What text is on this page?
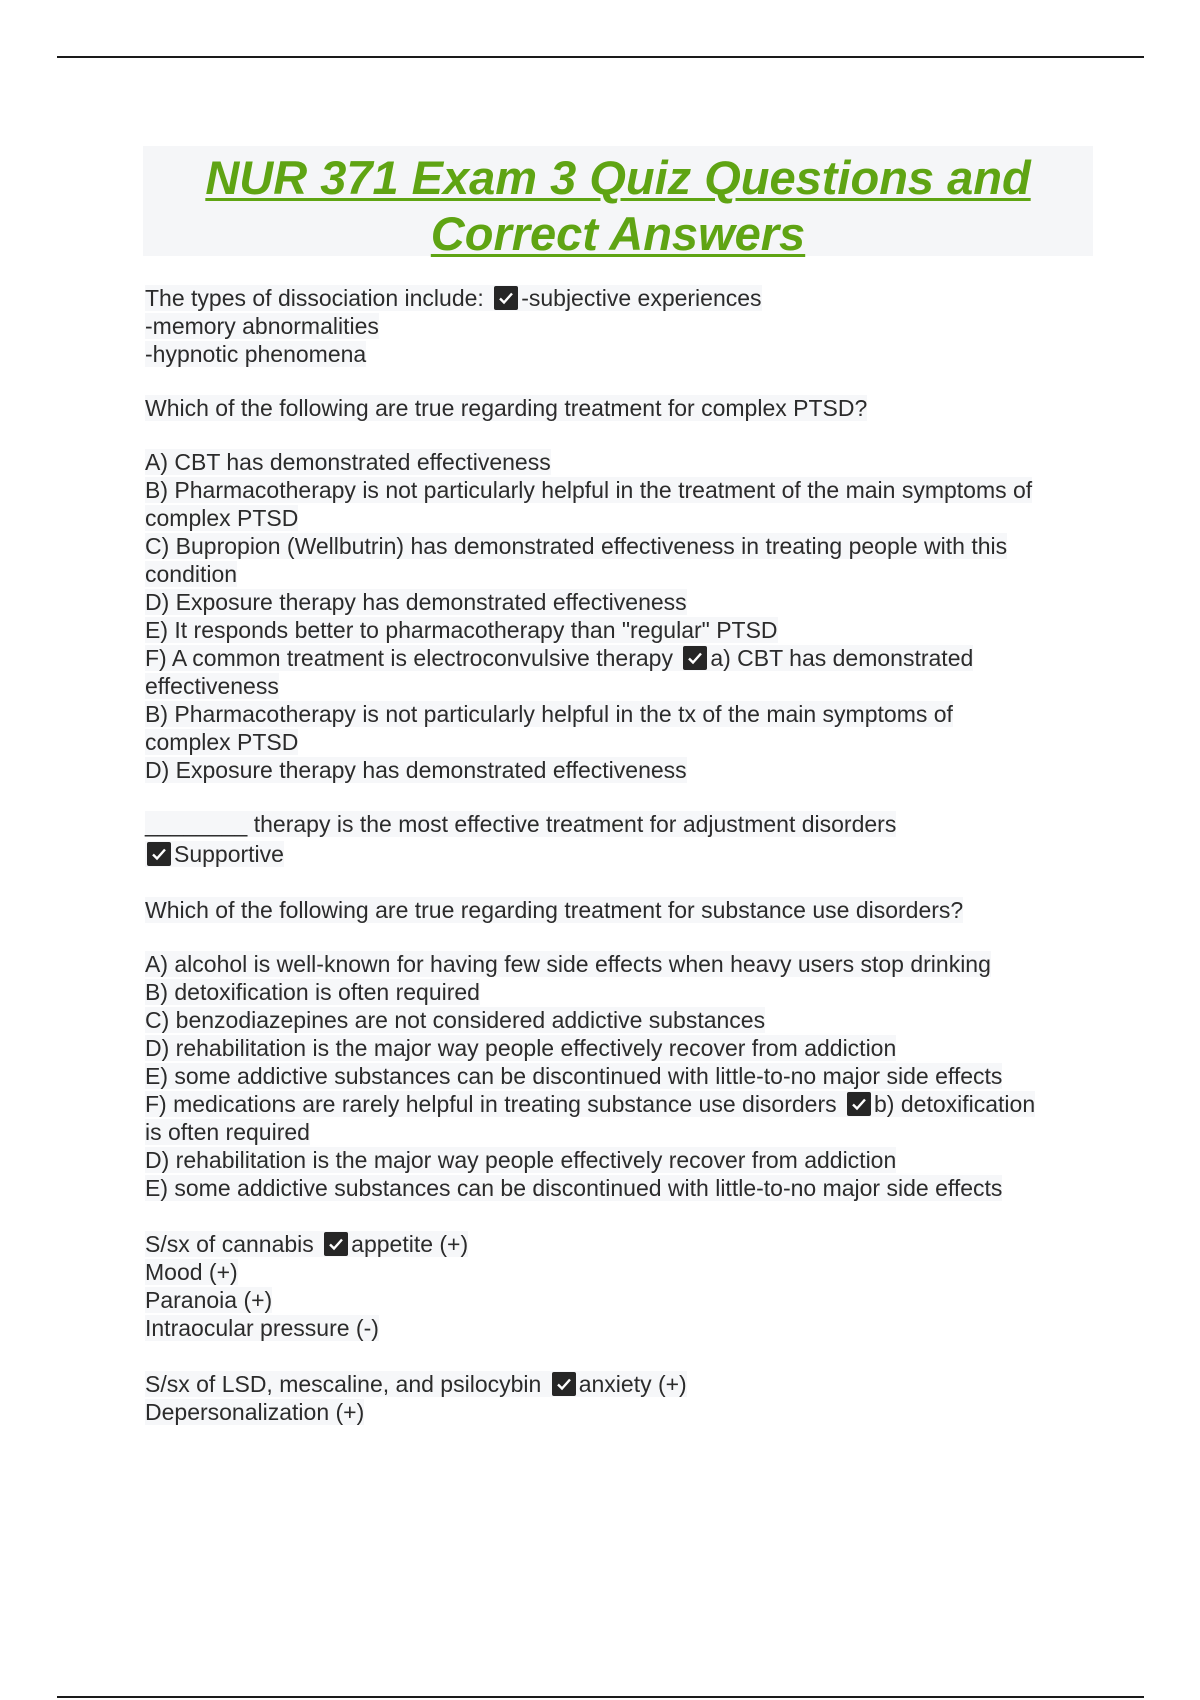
NUR 371 Exam 3 Quiz Questions and
Correct Answers
The types of dissociation include: -subjective experiences
-memory abnormalities
-hypnotic phenomena
Which of the following are true regarding treatment for complex PTSD?
A) CBT has demonstrated effectiveness
B) Pharmacotherapy is not particularly helpful in the treatment of the main symptoms of
complex PTSD
C) Bupropion (Wellbutrin) has demonstrated effectiveness in treating people with this
condition
D) Exposure therapy has demonstrated effectiveness
E) It responds better to pharmacotherapy than "regular" PTSD
F) A common treatment is electroconvulsive therapy a) CBT has demonstrated
effectiveness
B) Pharmacotherapy is not particularly helpful in the tx of the main symptoms of
complex PTSD
D) Exposure therapy has demonstrated effectiveness
________ therapy is the most effective treatment for adjustment disorders
Supportive
Which of the following are true regarding treatment for substance use disorders?
A) alcohol is well-known for having few side effects when heavy users stop drinking
B) detoxification is often required
C) benzodiazepines are not considered addictive substances
D) rehabilitation is the major way people effectively recover from addiction
E) some addictive substances can be discontinued with little-to-no major side effects
F) medications are rarely helpful in treating substance use disorders b) detoxification
is often required
D) rehabilitation is the major way people effectively recover from addiction
E) some addictive substances can be discontinued with little-to-no major side effects
S/sx of cannabis appetite (+)
Mood (+)
Paranoia (+)
Intraocular pressure (-)
S/sx of LSD, mescaline, and psilocybin anxiety (+)
Depersonalization (+)
